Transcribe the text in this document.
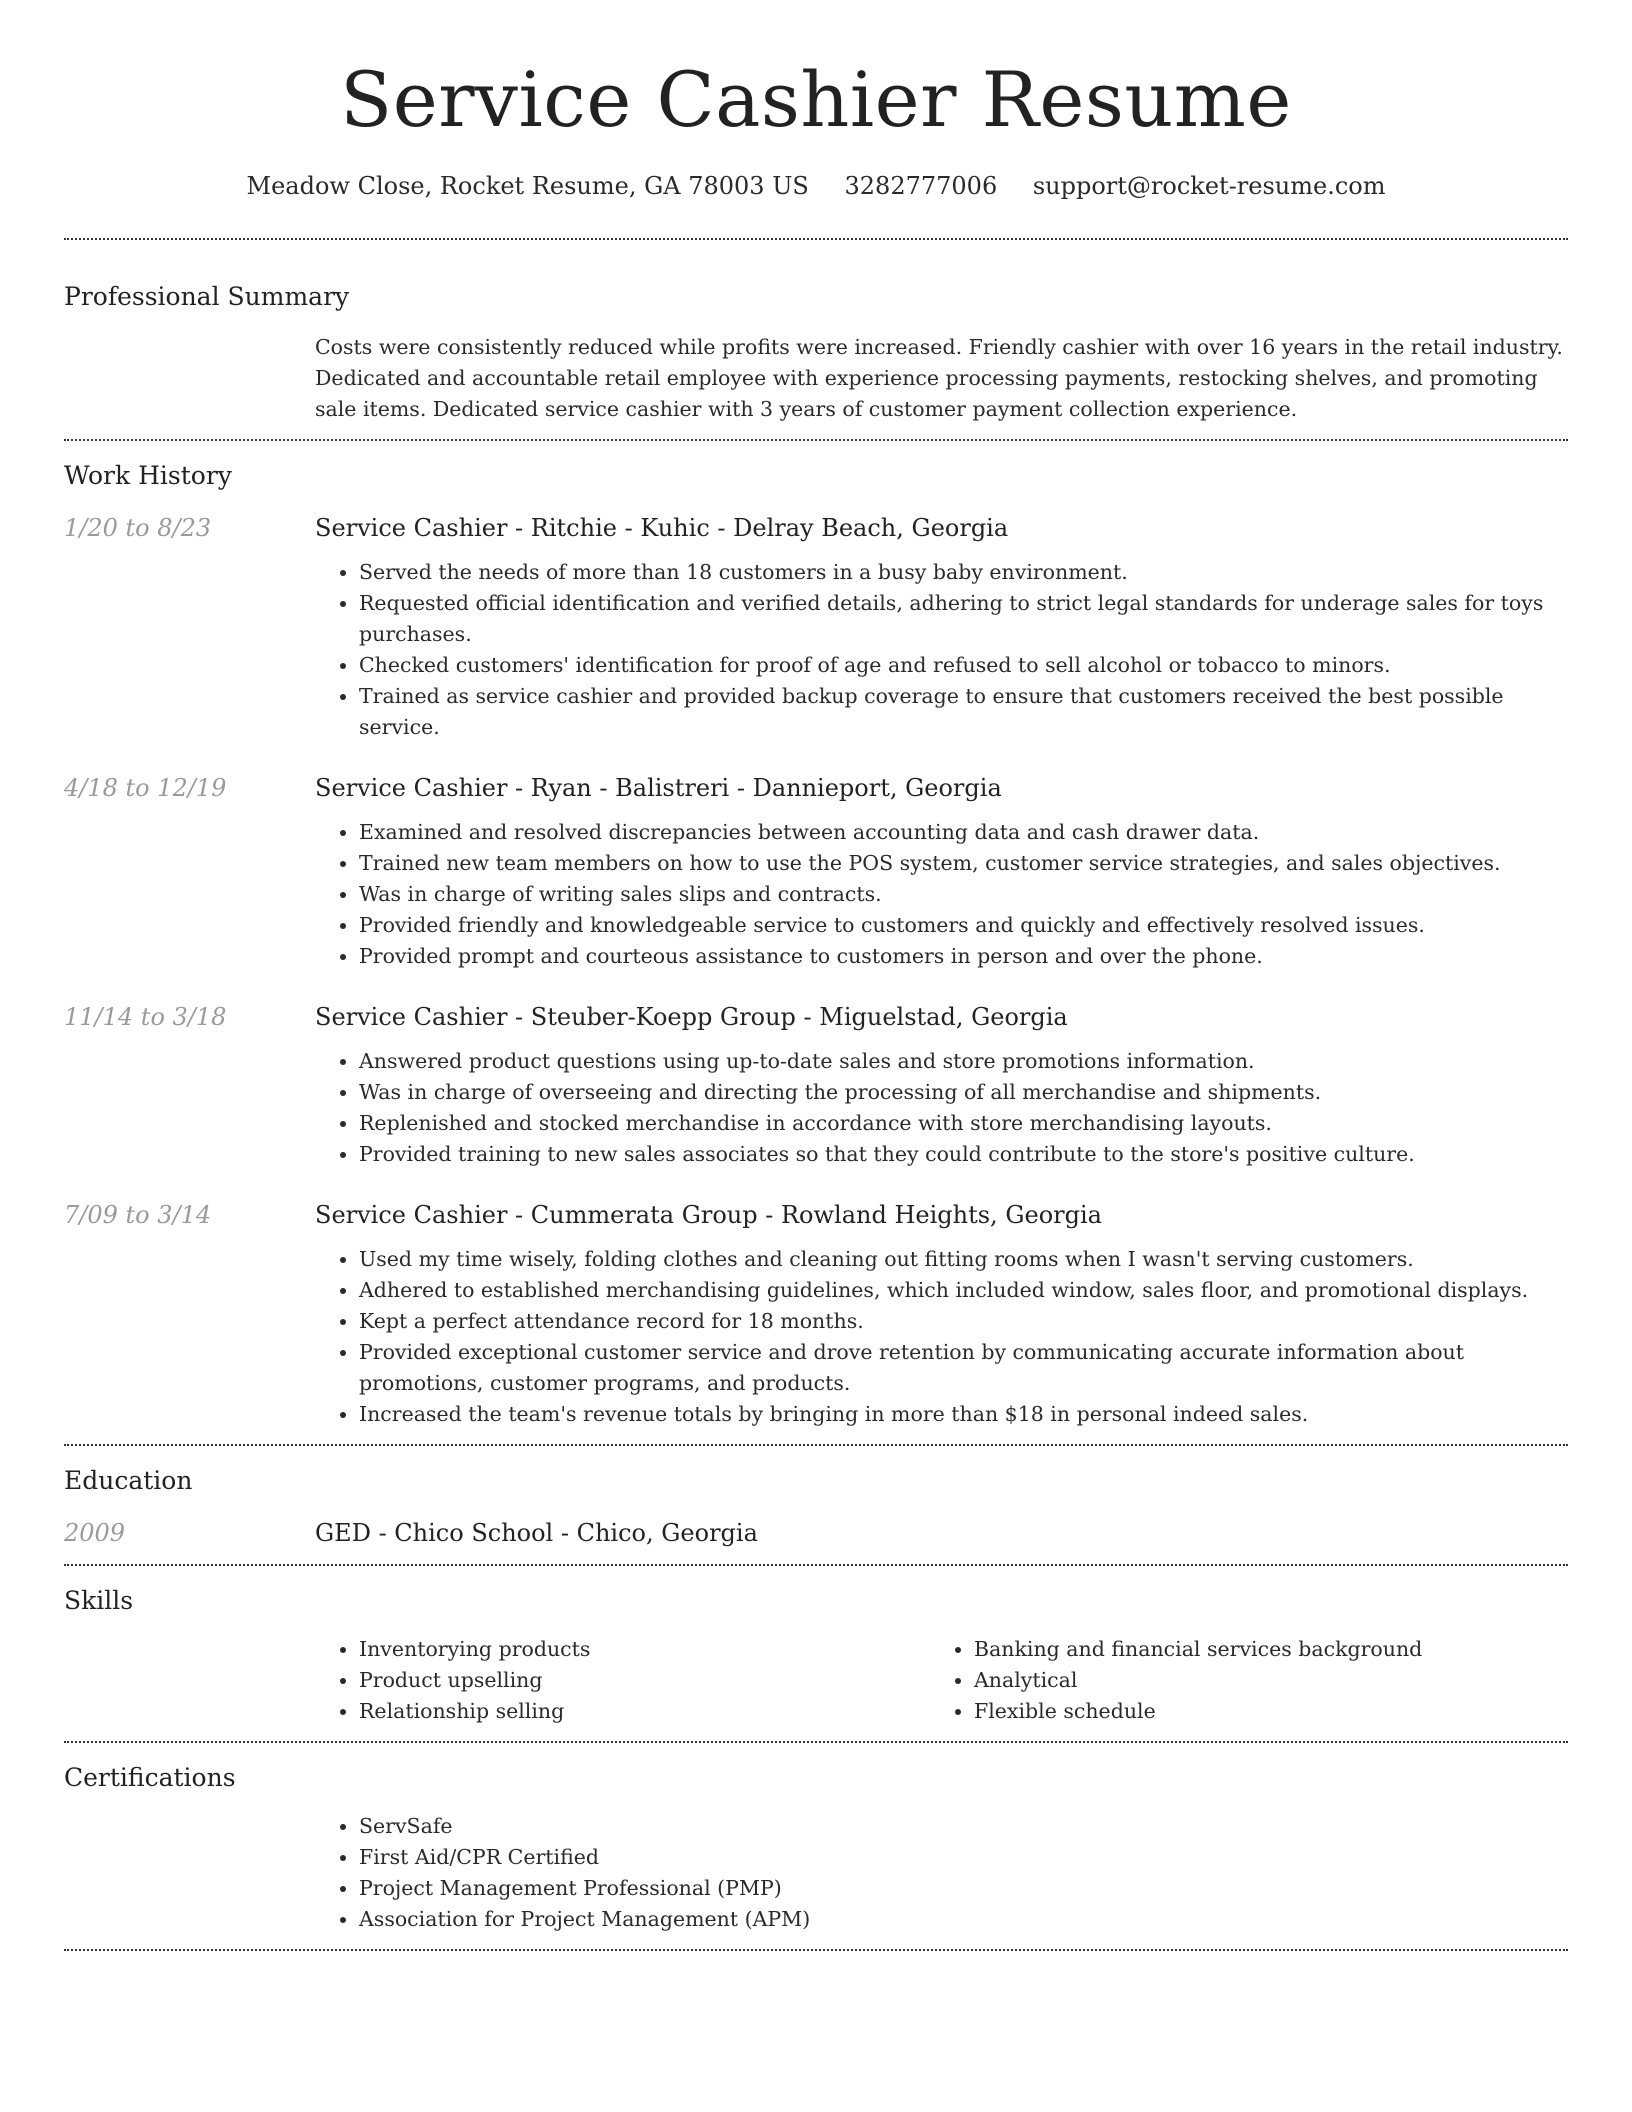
Service Cashier Resume
Meadow Close, Rocket Resume, GA 78003 US 3282777006 support@rocket-resume.com
Professional Summary
Costs were consistently reduced while profits were increased. Friendly cashier with over 16 years in the retail industry. Dedicated and accountable retail employee with experience processing payments, restocking shelves, and promoting sale items. Dedicated service cashier with 3 years of customer payment collection experience.
Work History
1/20 to 8/23	Service Cashier - Ritchie - Kuhic - Delray Beach, Georgia
• Served the needs of more than 18 customers in a busy baby environment.
• Requested official identification and verified details, adhering to strict legal standards for underage sales for toys purchases.
• Checked customers' identification for proof of age and refused to sell alcohol or tobacco to minors.
• Trained as service cashier and provided backup coverage to ensure that customers received the best possible service.
4/18 to 12/19	Service Cashier - Ryan - Balistreri - Dannieport, Georgia
• Examined and resolved discrepancies between accounting data and cash drawer data.
• Trained new team members on how to use the POS system, customer service strategies, and sales objectives.
• Was in charge of writing sales slips and contracts.
• Provided friendly and knowledgeable service to customers and quickly and effectively resolved issues.
• Provided prompt and courteous assistance to customers in person and over the phone.
11/14 to 3/18	Service Cashier - Steuber-Koepp Group - Miguelstad, Georgia
• Answered product questions using up-to-date sales and store promotions information.
• Was in charge of overseeing and directing the processing of all merchandise and shipments.
• Replenished and stocked merchandise in accordance with store merchandising layouts.
• Provided training to new sales associates so that they could contribute to the store's positive culture.
7/09 to 3/14	Service Cashier - Cummerata Group - Rowland Heights, Georgia
• Used my time wisely, folding clothes and cleaning out fitting rooms when I wasn't serving customers.
• Adhered to established merchandising guidelines, which included window, sales floor, and promotional displays.
• Kept a perfect attendance record for 18 months.
• Provided exceptional customer service and drove retention by communicating accurate information about promotions, customer programs, and products.
• Increased the team's revenue totals by bringing in more than $18 in personal indeed sales.
Education
2009	GED - Chico School - Chico, Georgia
Skills
• Inventorying products
• Product upselling
• Relationship selling
• Banking and financial services background
• Analytical
• Flexible schedule
Certifications
• ServSafe
• First Aid/CPR Certified
• Project Management Professional (PMP)
• Association for Project Management (APM)
